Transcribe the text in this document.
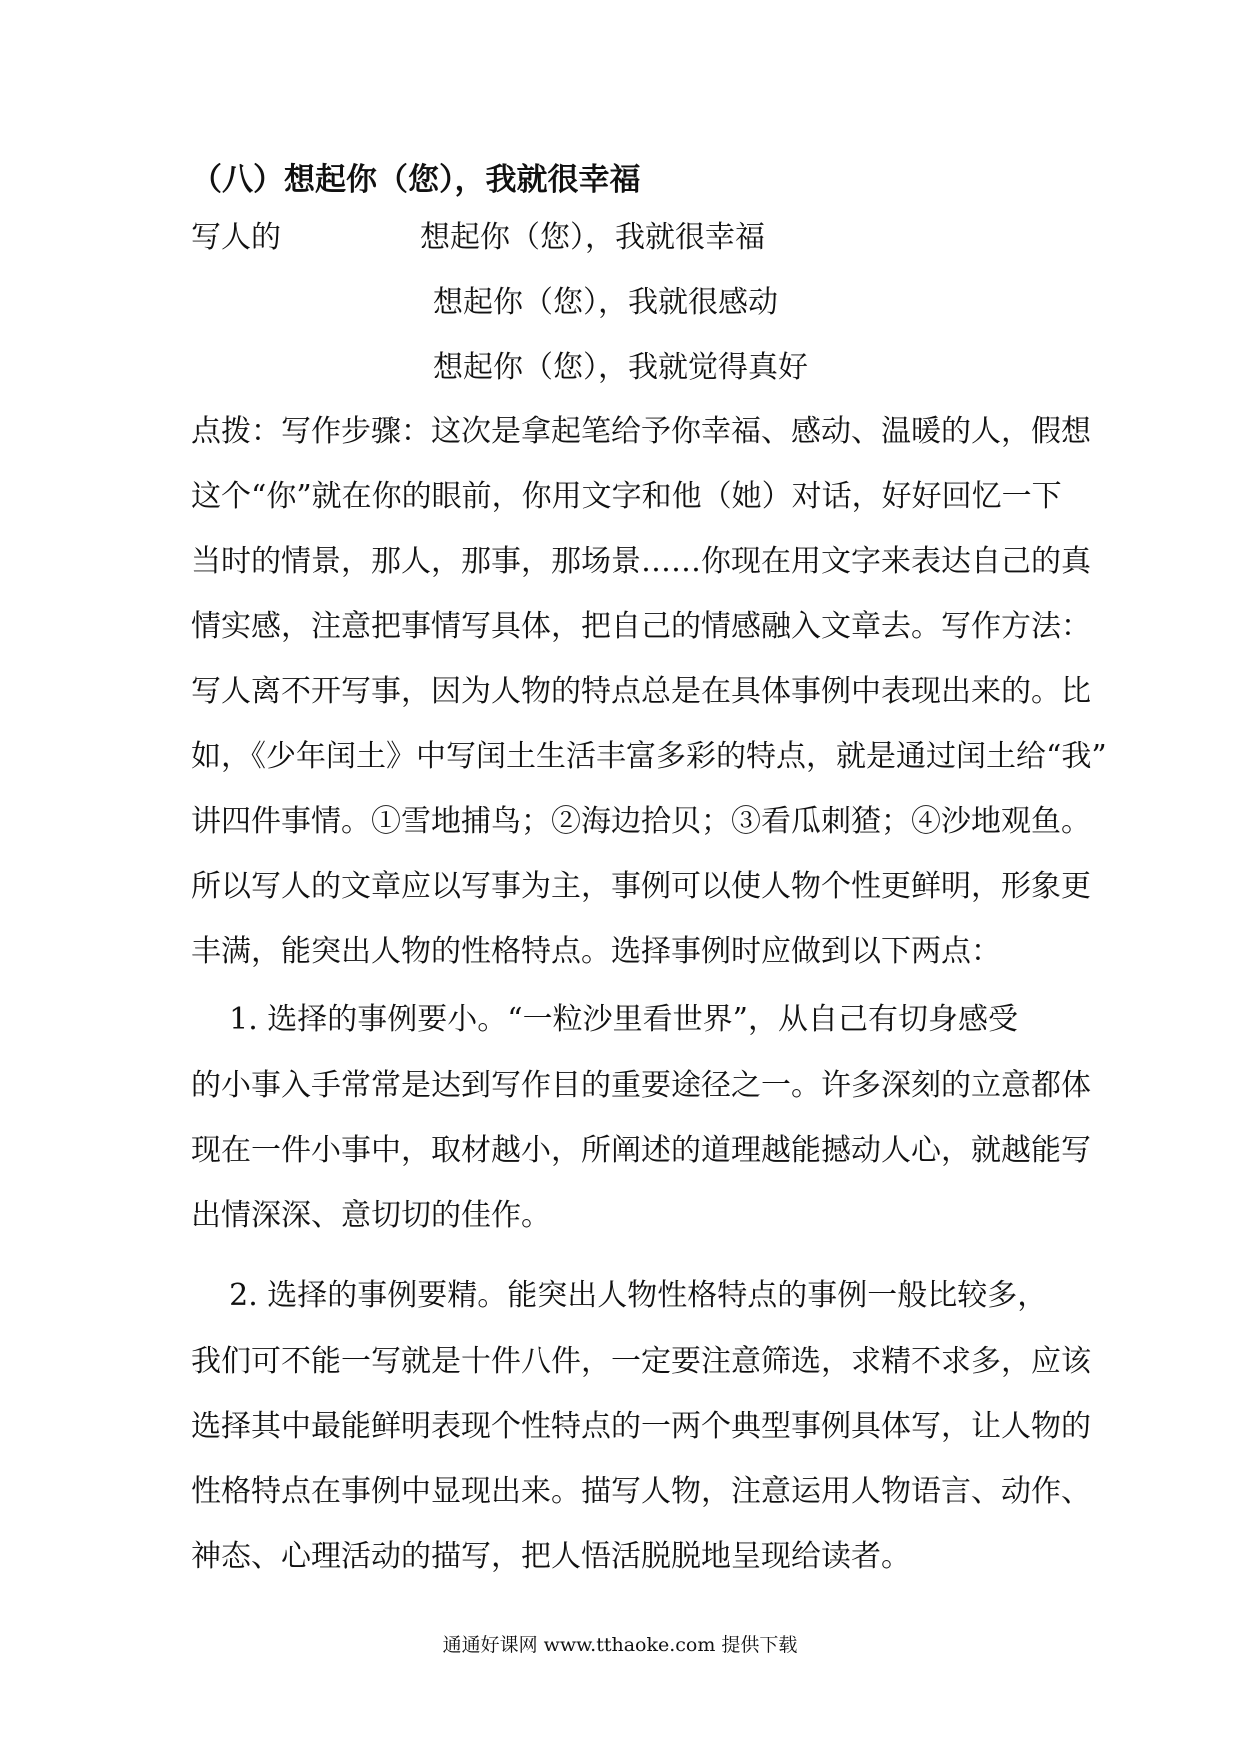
（八）想起你（您），我就很幸福
写人的	想起你（您），我就很幸福
想起你（您），我就很感动
想起你（您），我就觉得真好
点拨：写作步骤：这次是拿起笔给予你幸福、感动、温暖的人，假想
这个“你”就在你的眼前，你用文字和他（她）对话，好好回忆一下
当时的情景，那人，那事，那场景……你现在用文字来表达自己的真
情实感，注意把事情写具体，把自己的情感融入文章去。写作方法：
写人离不开写事，因为人物的特点总是在具体事例中表现出来的。比
如，《少年闰土》中写闰土生活丰富多彩的特点，就是通过闰土给“我”
讲四件事情。①雪地捕鸟；②海边拾贝；③看瓜刺猹；④沙地观鱼。
所以写人的文章应以写事为主，事例可以使人物个性更鲜明，形象更
丰满，能突出人物的性格特点。选择事例时应做到以下两点：
1. 选择的事例要小。“一粒沙里看世界”，从自己有切身感受
的小事入手常常是达到写作目的重要途径之一。许多深刻的立意都体
现在一件小事中，取材越小，所阐述的道理越能撼动人心，就越能写
出情深深、意切切的佳作。
2. 选择的事例要精。能突出人物性格特点的事例一般比较多，
我们可不能一写就是十件八件，一定要注意筛选，求精不求多，应该
选择其中最能鲜明表现个性特点的一两个典型事例具体写，让人物的
性格特点在事例中显现出来。描写人物，注意运用人物语言、动作、
神态、心理活动的描写，把人悟活脱脱地呈现给读者。
通通好课网 www.tthaoke.com 提供下载
